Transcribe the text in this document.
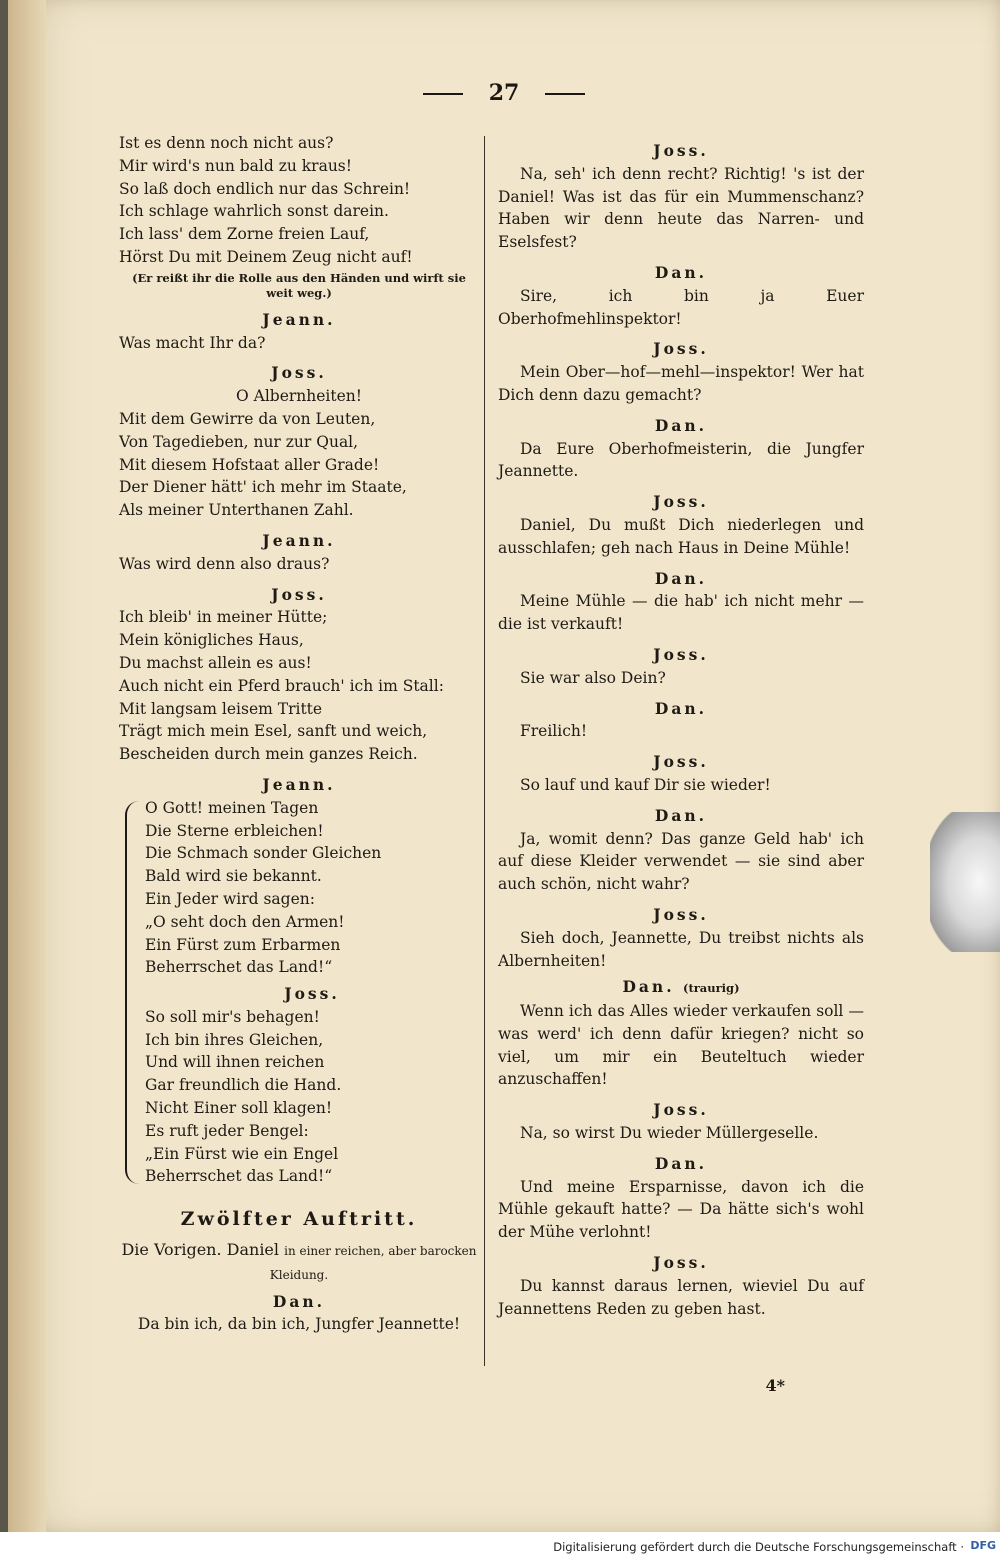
27
Ist es denn noch nicht aus?
Mir wird's nun bald zu kraus!
So laß doch endlich nur das Schrein!
Ich schlage wahrlich sonst darein.
Ich lass' dem Zorne freien Lauf,
Hörst Du mit Deinem Zeug nicht auf!
(Er reißt ihr die Rolle aus den Händen und wirft sie weit weg.)
Jeann.
Was macht Ihr da?
Joss.
O Albernheiten!
Mit dem Gewirre da von Leuten,
Von Tagedieben, nur zur Qual,
Mit diesem Hofstaat aller Grade!
Der Diener hätt' ich mehr im Staate,
Als meiner Unterthanen Zahl.
Jeann.
Was wird denn also draus?
Joss.
Ich bleib' in meiner Hütte;
Mein königliches Haus,
Du machst allein es aus!
Auch nicht ein Pferd brauch' ich im Stall:
Mit langsam leisem Tritte
Trägt mich mein Esel, sanft und weich,
Bescheiden durch mein ganzes Reich.
Jeann.
O Gott! meinen Tagen
Die Sterne erbleichen!
Die Schmach sonder Gleichen
Bald wird sie bekannt.
Ein Jeder wird sagen:
„O seht doch den Armen!
Ein Fürst zum Erbarmen
Beherrschet das Land!“
Joss.
So soll mir's behagen!
Ich bin ihres Gleichen,
Und will ihnen reichen
Gar freundlich die Hand.
Nicht Einer soll klagen!
Es ruft jeder Bengel:
„Ein Fürst wie ein Engel
Beherrschet das Land!“
Zwölfter Auftritt.
Die Vorigen. Daniel in einer reichen, aber barocken Kleidung.
Dan.
Da bin ich, da bin ich, Jungfer Jeannette!
Joss.
Na, seh' ich denn recht? Richtig! 's ist der Daniel! Was ist das für ein Mummenschanz? Haben wir denn heute das Narren- und Eselsfest?
Dan.
Sire, ich bin ja Euer Oberhofmehlinspektor!
Joss.
Mein Ober—hof—mehl—inspektor! Wer hat Dich denn dazu gemacht?
Dan.
Da Eure Oberhofmeisterin, die Jungfer Jeannette.
Joss.
Daniel, Du mußt Dich niederlegen und ausschlafen; geh nach Haus in Deine Mühle!
Dan.
Meine Mühle — die hab' ich nicht mehr — die ist verkauft!
Joss.
Sie war also Dein?
Dan.
Freilich!
Joss.
So lauf und kauf Dir sie wieder!
Dan.
Ja, womit denn? Das ganze Geld hab' ich auf diese Kleider verwendet — sie sind aber auch schön, nicht wahr?
Joss.
Sieh doch, Jeannette, Du treibst nichts als Albernheiten!
Dan. (traurig)
Wenn ich das Alles wieder verkaufen soll — was werd' ich denn dafür kriegen? nicht so viel, um mir ein Beuteltuch wieder anzuschaffen!
Joss.
Na, so wirst Du wieder Müllergeselle.
Dan.
Und meine Ersparnisse, davon ich die Mühle gekauft hatte? — Da hätte sich's wohl der Mühe verlohnt!
Joss.
Du kannst daraus lernen, wieviel Du auf Jeannettens Reden zu geben hast.
4*
Digitalisierung gefördert durch die Deutsche Forschungsgemeinschaft · DFG
